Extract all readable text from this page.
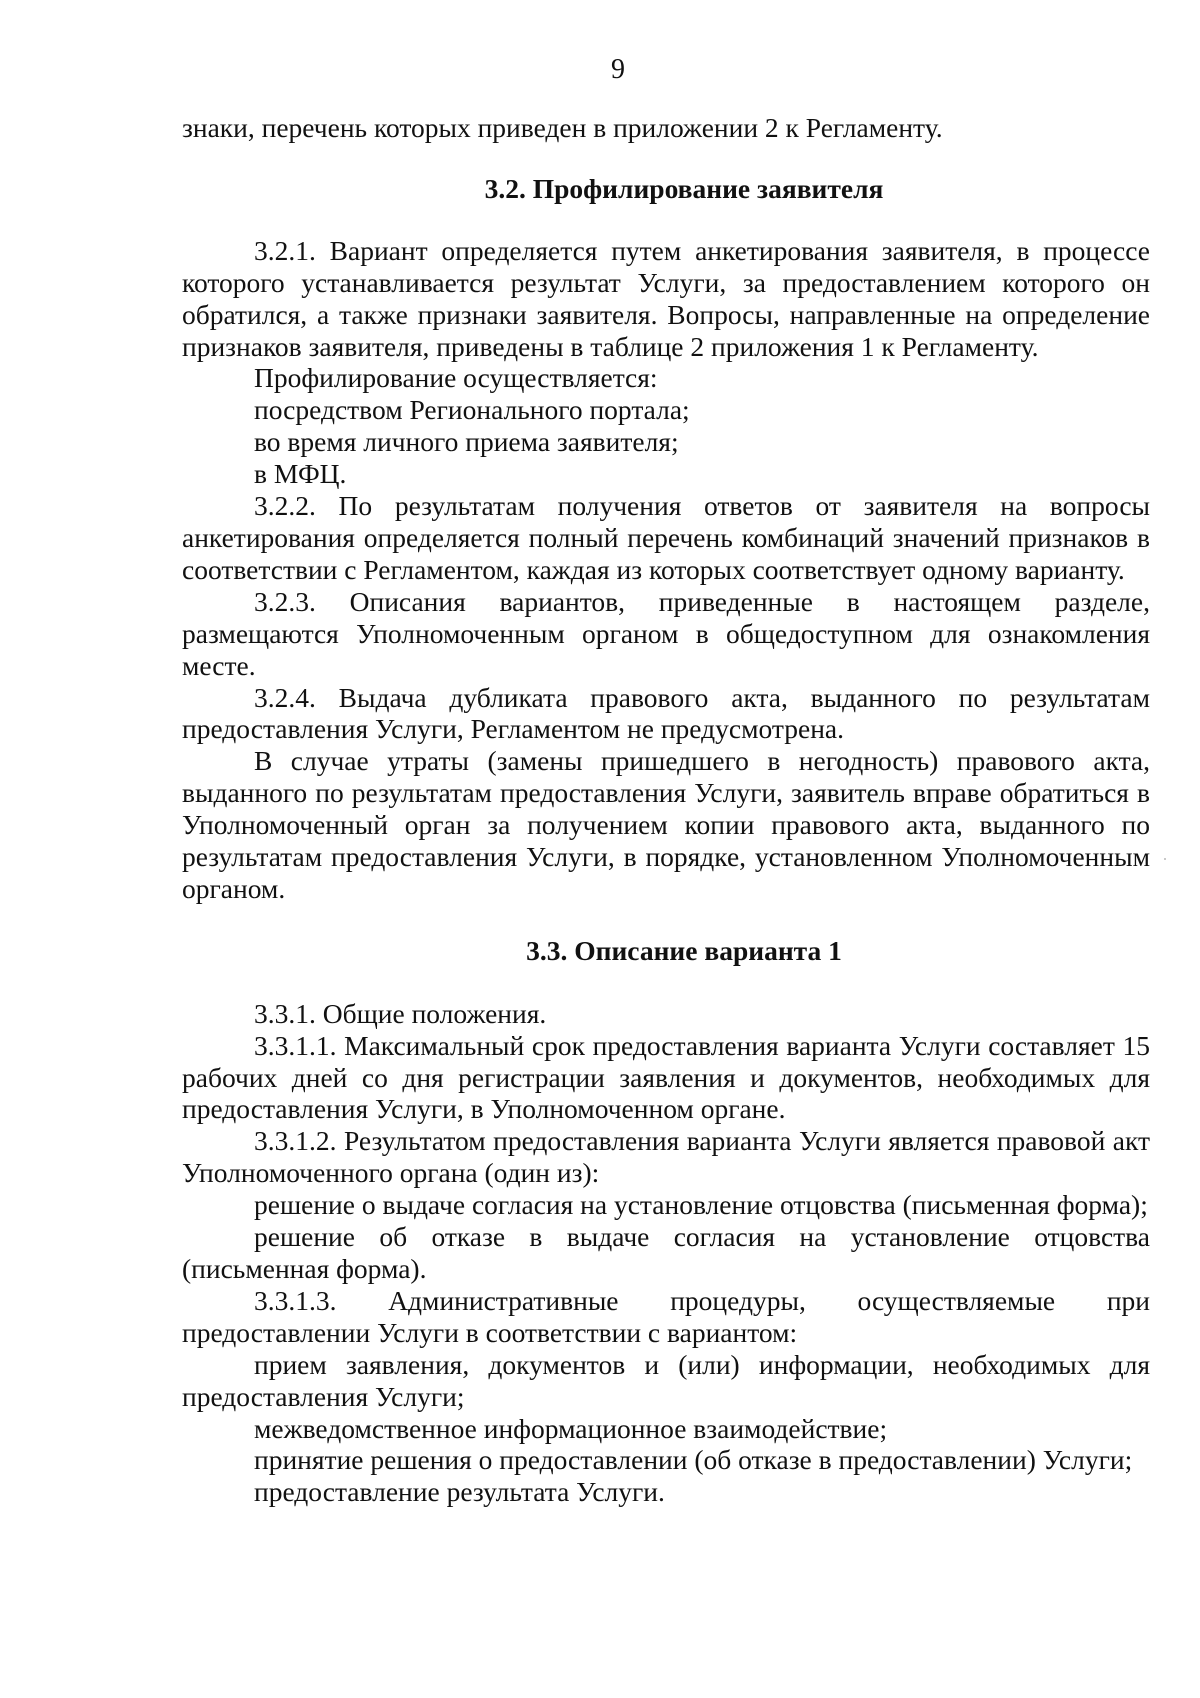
9

знаки, перечень которых приведен в приложении 2 к Регламенту.

3.2. Профилирование заявителя

3.2.1. Вариант определяется путем анкетирования заявителя, в процессе которого устанавливается результат Услуги, за предоставлением которого он обратился, а также признаки заявителя. Вопросы, направленные на определение признаков заявителя, приведены в таблице 2 приложения 1 к Регламенту.

Профилирование осуществляется:

посредством Регионального портала;

во время личного приема заявителя;

в МФЦ.

3.2.2. По результатам получения ответов от заявителя на вопросы анкетирования определяется полный перечень комбинаций значений признаков в соответствии с Регламентом, каждая из которых соответствует одному варианту.

3.2.3. Описания вариантов, приведенные в настоящем разделе, размещаются Уполномоченным органом в общедоступном для ознакомления месте.

3.2.4. Выдача дубликата правового акта, выданного по результатам предоставления Услуги, Регламентом не предусмотрена.

В случае утраты (замены пришедшего в негодность) правового акта, выданного по результатам предоставления Услуги, заявитель вправе обратиться в Уполномоченный орган за получением копии правового акта, выданного по результатам предоставления Услуги, в порядке, установленном Уполномоченным органом.

3.3. Описание варианта 1

3.3.1. Общие положения.

3.3.1.1. Максимальный срок предоставления варианта Услуги составляет 15 рабочих дней со дня регистрации заявления и документов, необходимых для предоставления Услуги, в Уполномоченном органе.

3.3.1.2. Результатом предоставления варианта Услуги является правовой акт Уполномоченного органа (один из):

решение о выдаче согласия на установление отцовства (письменная форма);

решение об отказе в выдаче согласия на установление отцовства (письменная форма).

3.3.1.3. Административные процедуры, осуществляемые при предоставлении Услуги в соответствии с вариантом:

прием заявления, документов и (или) информации, необходимых для предоставления Услуги;

межведомственное информационное взаимодействие;

принятие решения о предоставлении (об отказе в предоставлении) Услуги;

предоставление результата Услуги.
